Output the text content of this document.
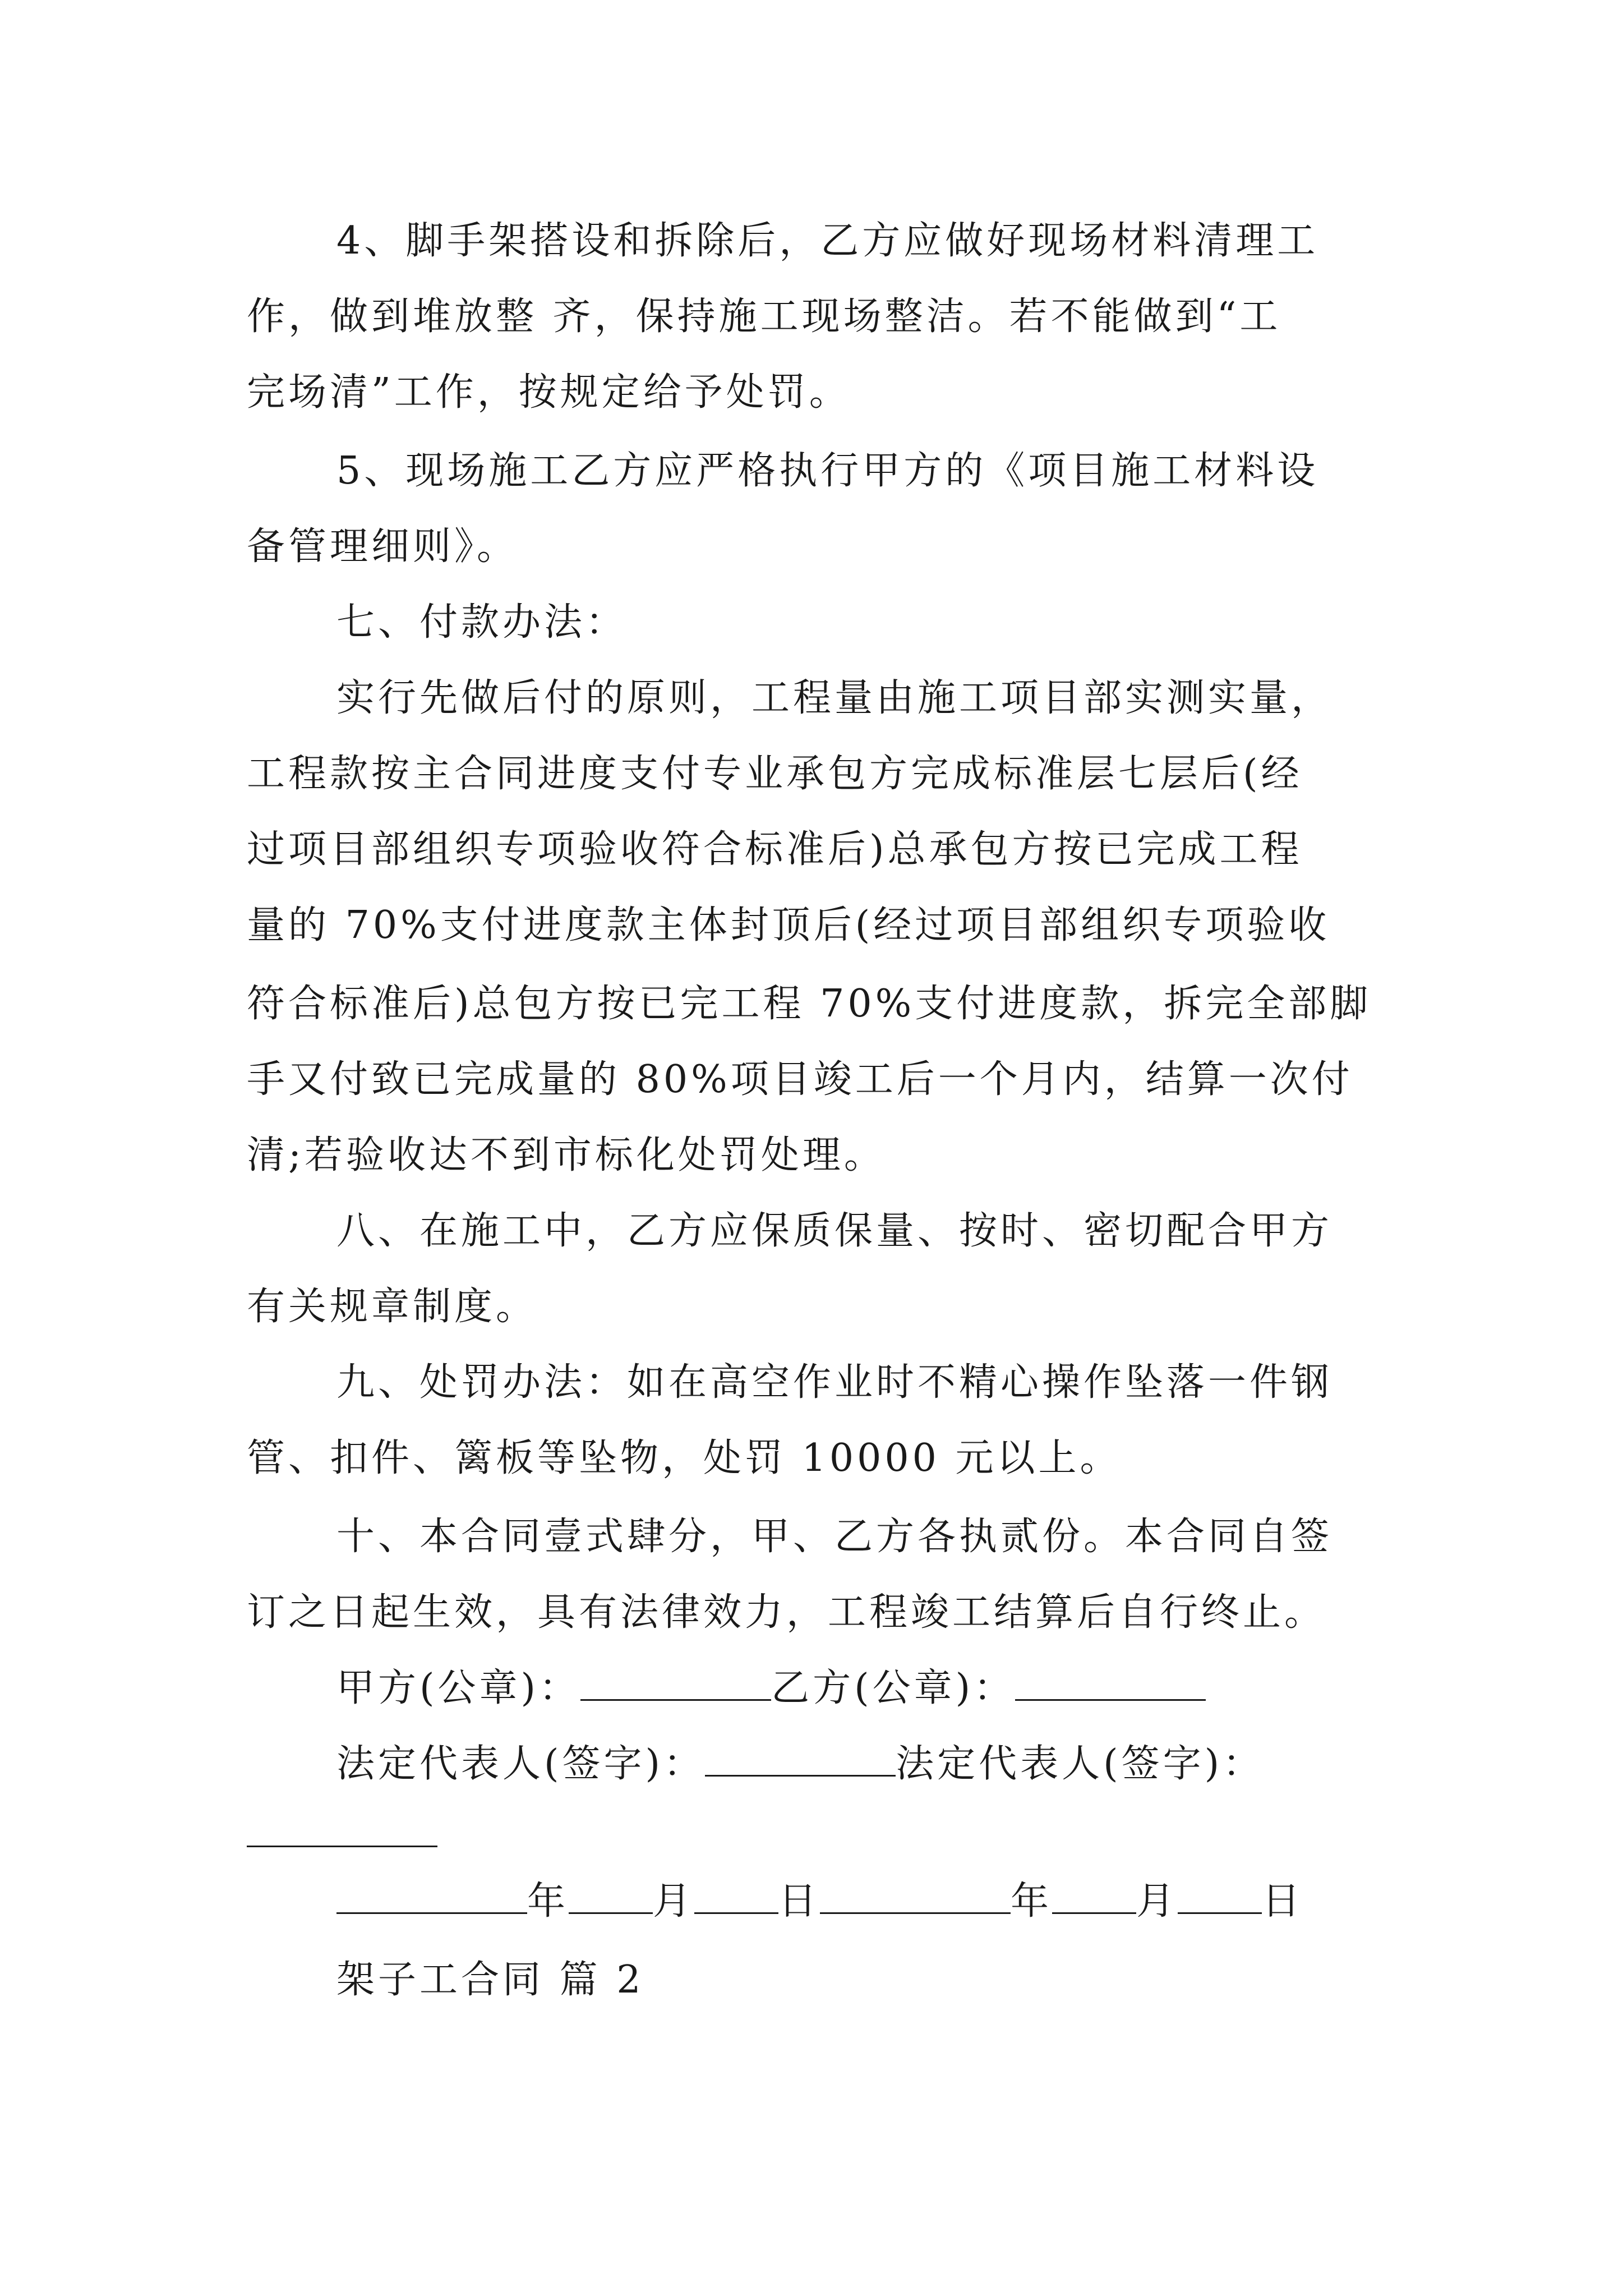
4、脚手架搭设和拆除后，乙方应做好现场材料清理工
作，做到堆放整 齐，保持施工现场整洁。若不能做到“工
完场清”工作，按规定给予处罚。
5、现场施工乙方应严格执行甲方的《项目施工材料设
备管理细则》。
七、付款办法：
实行先做后付的原则，工程量由施工项目部实测实量，
工程款按主合同进度支付专业承包方完成标准层七层后(经
过项目部组织专项验收符合标准后)总承包方按已完成工程
量的 70%支付进度款主体封顶后(经过项目部组织专项验收
符合标准后)总包方按已完工程 70%支付进度款，拆完全部脚
手又付致已完成量的 80%项目竣工后一个月内，结算一次付
清;若验收达不到市标化处罚处理。
八、在施工中，乙方应保质保量、按时、密切配合甲方
有关规章制度。
九、处罚办法：如在高空作业时不精心操作坠落一件钢
管、扣件、篱板等坠物，处罚 10000 元以上。
十、本合同壹式肆分，甲、乙方各执贰份。本合同自签
订之日起生效，具有法律效力，工程竣工结算后自行终止。
甲方(公章)：	乙方(公章)：
法定代表人(签字)：	法定代表人(签字)：
年 月 日	年 月 日
架子工合同 篇 2
